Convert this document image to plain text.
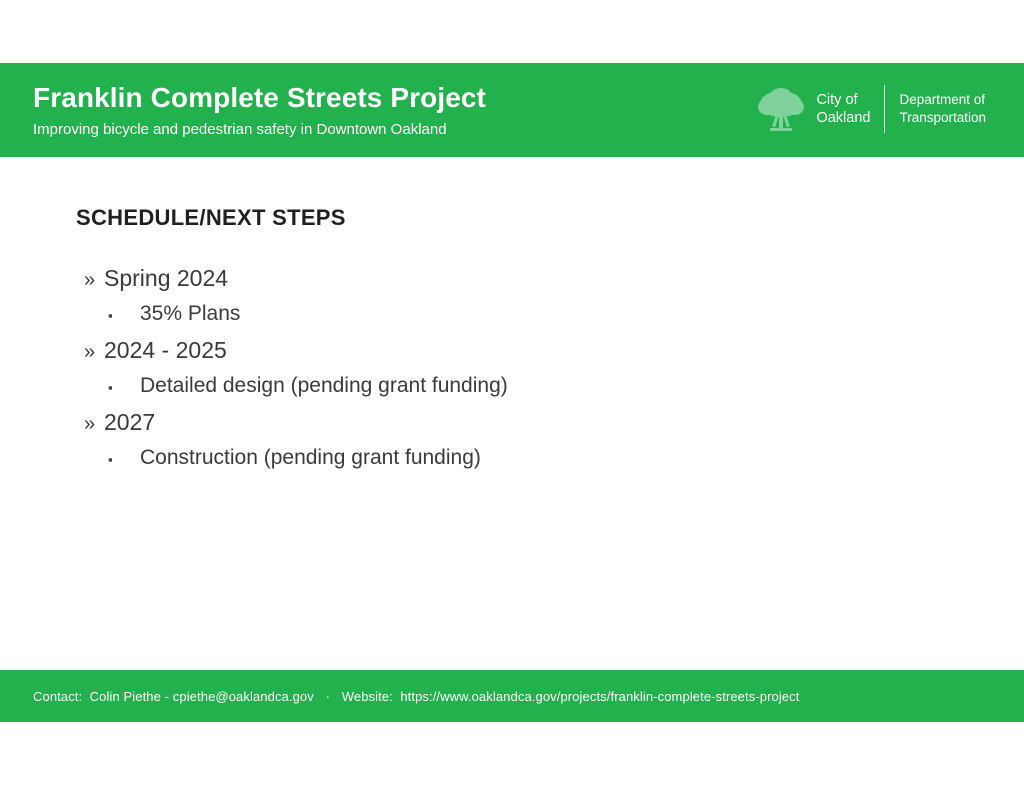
Franklin Complete Streets Project
Improving bicycle and pedestrian safety in Downtown Oakland
City of
Oakland
Department of
Transportation
SCHEDULE/NEXT STEPS
» Spring 2024
▪	35% Plans
» 2024 - 2025
▪	Detailed design (pending grant funding)
» 2027
▪	Construction (pending grant funding)
Contact: Colin Piethe - cpiethe@oaklandca.gov · Website: https://www.oaklandca.gov/projects/franklin-complete-streets-project
